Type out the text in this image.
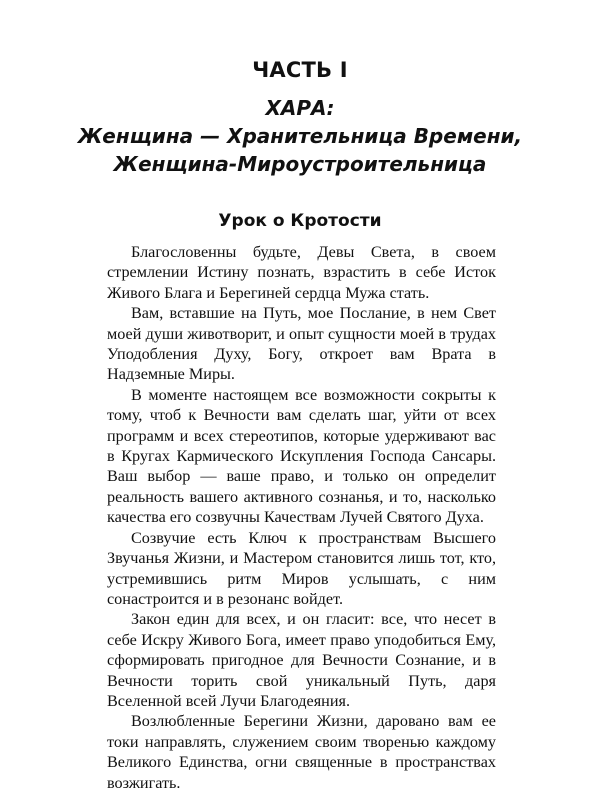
ЧАСТЬ I
ХАРА:
Женщина — Хранительница Времени,
Женщина-Мироустроительница
Урок о Кротости

Благословенны будьте, Девы Света, в своем стремлении Истину познать, взрастить в себе Исток Живого Блага и Берегиней сердца Мужа стать.

Вам, вставшие на Путь, мое Послание, в нем Свет моей души животворит, и опыт сущности моей в трудах Уподобления Духу, Богу, откроет вам Врата в Надземные Миры.

В моменте настоящем все возможности сокрыты к тому, чтоб к Вечности вам сделать шаг, уйти от всех программ и всех стереотипов, которые удерживают вас в Кругах Кармического Искупления Господа Сансары. Ваш выбор — ваше право, и только он определит реальность вашего активного сознанья, и то, насколько качества его созвучны Качествам Лучей Святого Духа.

Созвучие есть Ключ к пространствам Высшего Звучанья Жизни, и Мастером становится лишь тот, кто, устремившись ритм Миров услышать, с ним сонастроится и в резонанс войдет.

Закон един для всех, и он гласит: все, что несет в себе Искру Живого Бога, имеет право уподобиться Ему, сформировать пригодное для Вечности Сознание, и в Вечности торить свой уникальный Путь, даря Вселенной всей Лучи Благодеяния.

Возлюбленные Берегини Жизни, даровано вам ее токи направлять, служением своим творенью каждому Великого Единства, огни священные в пространствах возжигать.
